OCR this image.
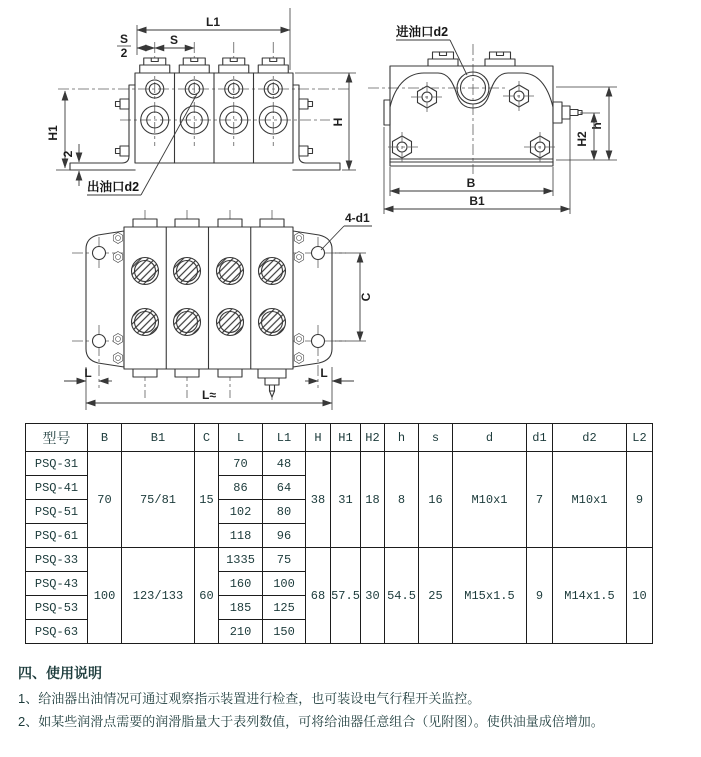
L1
S
S
2
H1
2
H
出油口d2
进油口d2
h
H2
B
B1
4-d1
C
L	L
L≈
型号	B	B1	C	L	L1	H	H1	H2	h	s	d	d1	d2	L2
PSQ-31	70	75/81	15	70	48	38	31	18	8	16	M10x1	7	M10x1	9
PSQ-41				86	64									
PSQ-51				102	80									
PSQ-61				118	96									
PSQ-33	100	123/133	60	1335	75	68	57.5	30	54.5	25	M15x1.5	9	M14x1.5	10
PSQ-43				160	100									
PSQ-53				185	125									
PSQ-63				210	150									
四、使用说明

1、给油器出油情况可通过观察指示装置进行检查，也可装设电气行程开关监控。

2、如某些润滑点需要的润滑脂量大于表列数值，可将给油器任意组合（见附图）。使供油量成倍增加。
